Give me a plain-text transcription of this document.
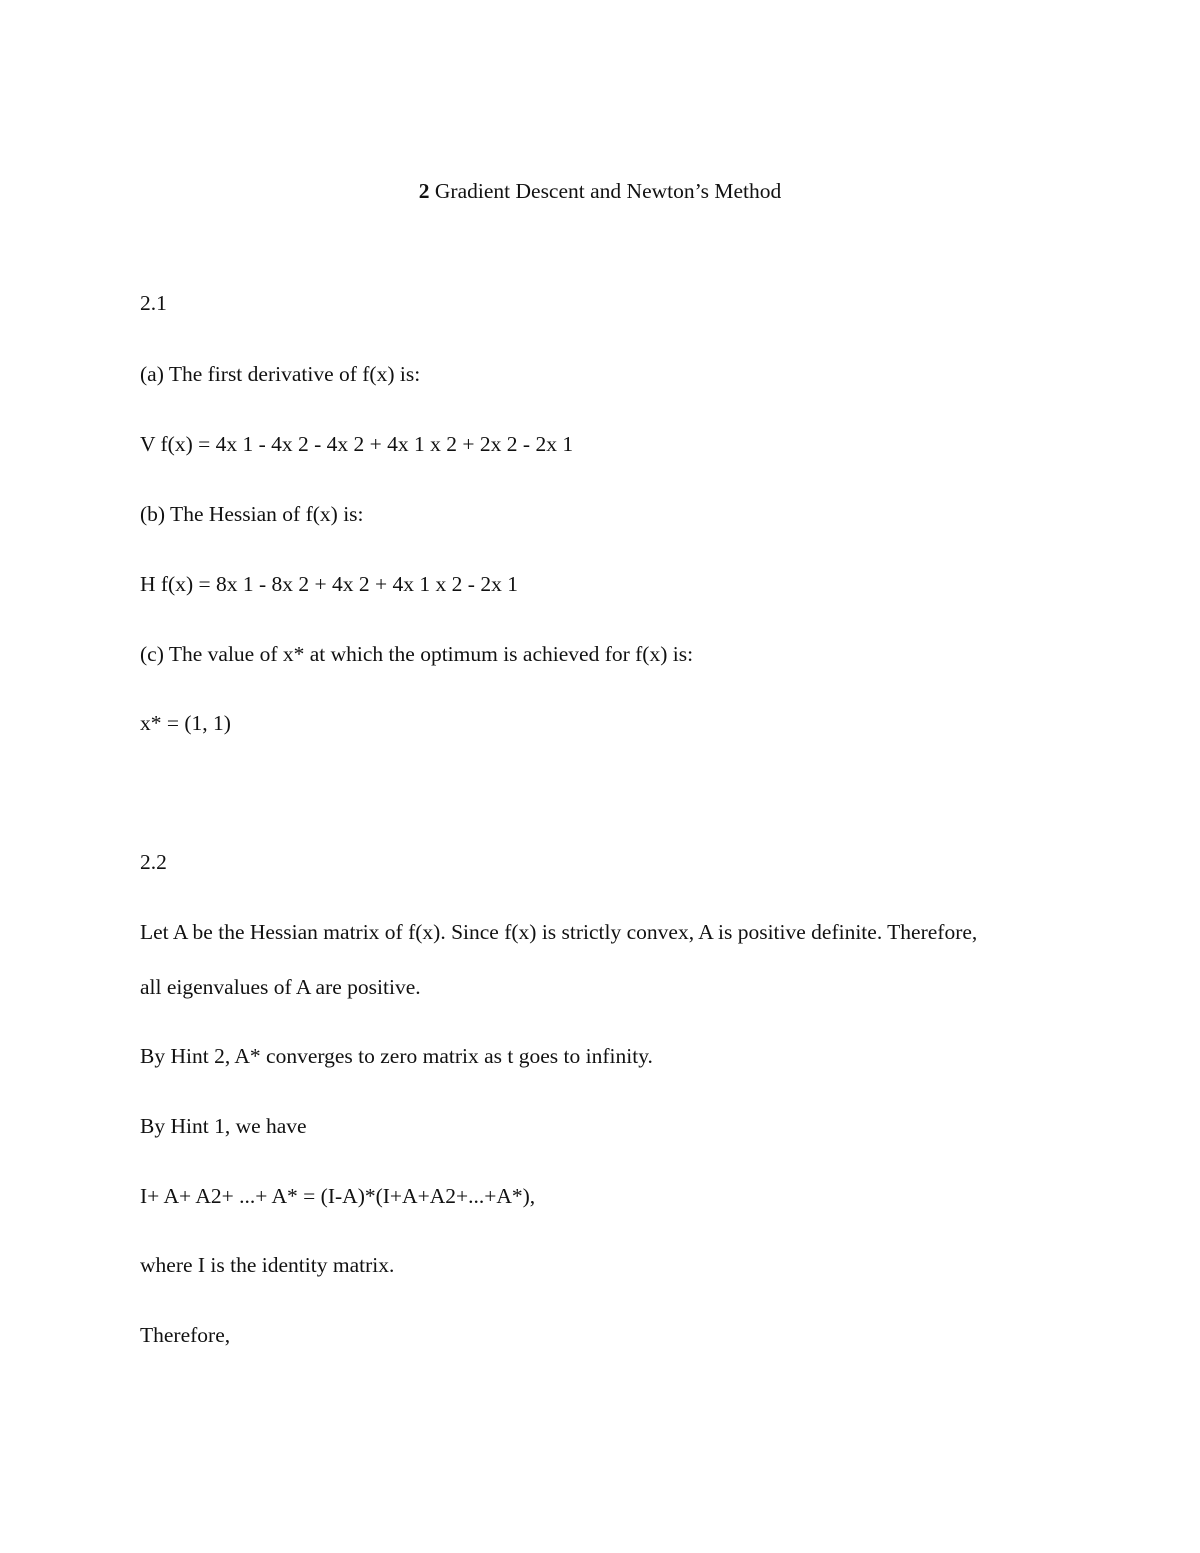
2 Gradient Descent and Newton’s Method
2.1
(a) The first derivative of f(x) is:
V f(x) = 4x 1 - 4x 2 - 4x 2 + 4x 1 x 2 + 2x 2 - 2x 1
(b) The Hessian of f(x) is:
H f(x) = 8x 1 - 8x 2 + 4x 2 + 4x 1 x 2 - 2x 1
(c) The value of x* at which the optimum is achieved for f(x) is:
x* = (1, 1)
2.2
Let A be the Hessian matrix of f(x). Since f(x) is strictly convex, A is positive definite. Therefore,
all eigenvalues of A are positive.
By Hint 2, A* converges to zero matrix as t goes to infinity.
By Hint 1, we have
I+ A+ A2+ ...+ A* = (I-A)*(I+A+A2+...+A*),
where I is the identity matrix.
Therefore,
